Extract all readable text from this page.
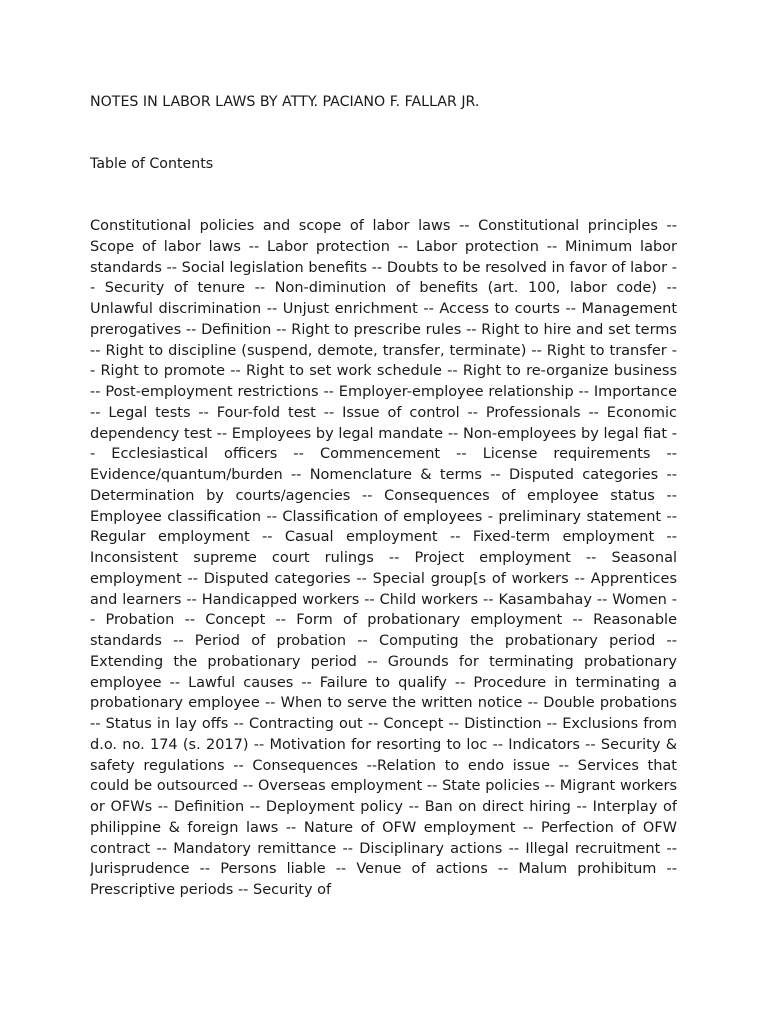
NOTES IN LABOR LAWS BY ATTY. PACIANO F. FALLAR JR.
Table of Contents

Constitutional policies and scope of labor laws -- Constitutional principles -- Scope of labor laws -- Labor protection -- Labor protection -- Minimum labor standards -- Social legislation benefits -- Doubts to be resolved in favor of labor -- Security of tenure -- Non-diminution of benefits (art. 100, labor code) -- Unlawful discrimination -- Unjust enrichment -- Access to courts -- Management prerogatives -- Definition -- Right to prescribe rules -- Right to hire and set terms -- Right to discipline (suspend, demote, transfer, terminate) -- Right to transfer -- Right to promote -- Right to set work schedule -- Right to re-organize business -- Post-employment restrictions -- Employer-employee relationship -- Importance -- Legal tests -- Four-fold test -- Issue of control -- Professionals -- Economic dependency test -- Employees by legal mandate -- Non-employees by legal fiat -- Ecclesiastical officers -- Commencement -- License requirements -- Evidence/quantum/burden -- Nomenclature & terms -- Disputed categories -- Determination by courts/agencies -- Consequences of employee status -- Employee classification -- Classification of employees - preliminary statement -- Regular employment -- Casual employment -- Fixed-term employment -- Inconsistent supreme court rulings -- Project employment -- Seasonal employment -- Disputed categories -- Special group[s of workers -- Apprentices and learners -- Handicapped workers -- Child workers -- Kasambahay -- Women -- Probation -- Concept -- Form of probationary employment -- Reasonable standards -- Period of probation -- Computing the probationary period -- Extending the probationary period -- Grounds for terminating probationary employee -- Lawful causes -- Failure to qualify -- Procedure in terminating a probationary employee -- When to serve the written notice -- Double probations -- Status in lay offs -- Contracting out -- Concept -- Distinction -- Exclusions from d.o. no. 174 (s. 2017) -- Motivation for resorting to loc -- Indicators -- Security & safety regulations -- Consequences --Relation to endo issue -- Services that could be outsourced -- Overseas employment -- State policies -- Migrant workers or OFWs -- Definition -- Deployment policy -- Ban on direct hiring -- Interplay of philippine & foreign laws -- Nature of OFW employment -- Perfection of OFW contract -- Mandatory remittance -- Disciplinary actions -- Illegal recruitment -- Jurisprudence -- Persons liable -- Venue of actions -- Malum prohibitum -- Prescriptive periods -- Security of
